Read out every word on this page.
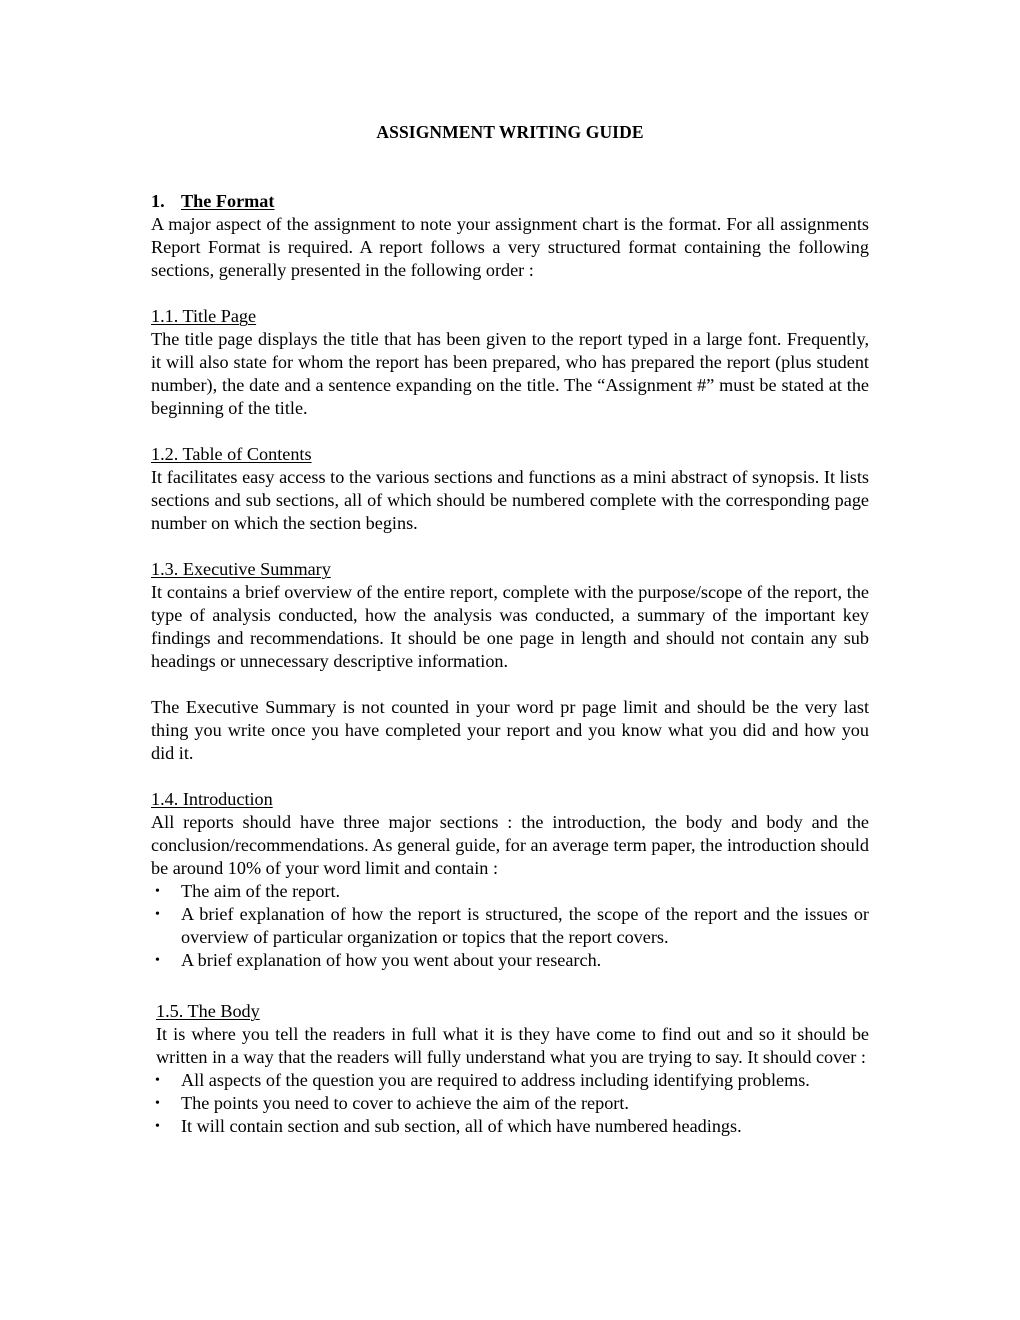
ASSIGNMENT WRITING GUIDE
1. The Format

A major aspect of the assignment to note your assignment chart is the format. For all assignments Report Format is required. A report follows a very structured format containing the following sections, generally presented in the following order :

1.1. Title Page

The title page displays the title that has been given to the report typed in a large font. Frequently, it will also state for whom the report has been prepared, who has prepared the report (plus student number), the date and a sentence expanding on the title. The “Assignment #” must be stated at the beginning of the title.

1.2. Table of Contents

It facilitates easy access to the various sections and functions as a mini abstract of synopsis. It lists sections and sub sections, all of which should be numbered complete with the corresponding page number on which the section begins.

1.3. Executive Summary

It contains a brief overview of the entire report, complete with the purpose/scope of the report, the type of analysis conducted, how the analysis was conducted, a summary of the important key findings and recommendations. It should be one page in length and should not contain any sub headings or unnecessary descriptive information.

The Executive Summary is not counted in your word pr page limit and should be the very last thing you write once you have completed your report and you know what you did and how you did it.

1.4. Introduction

All reports should have three major sections : the introduction, the body and body and the conclusion/recommendations. As general guide, for an average term paper, the introduction should be around 10% of your word limit and contain :

• The aim of the report.
• A brief explanation of how the report is structured, the scope of the report and the issues or overview of particular organization or topics that the report covers.
• A brief explanation of how you went about your research.
1.5. The Body

It is where you tell the readers in full what it is they have come to find out and so it should be written in a way that the readers will fully understand what you are trying to say. It should cover :

• All aspects of the question you are required to address including identifying problems.
• The points you need to cover to achieve the aim of the report.
• It will contain section and sub section, all of which have numbered headings.
